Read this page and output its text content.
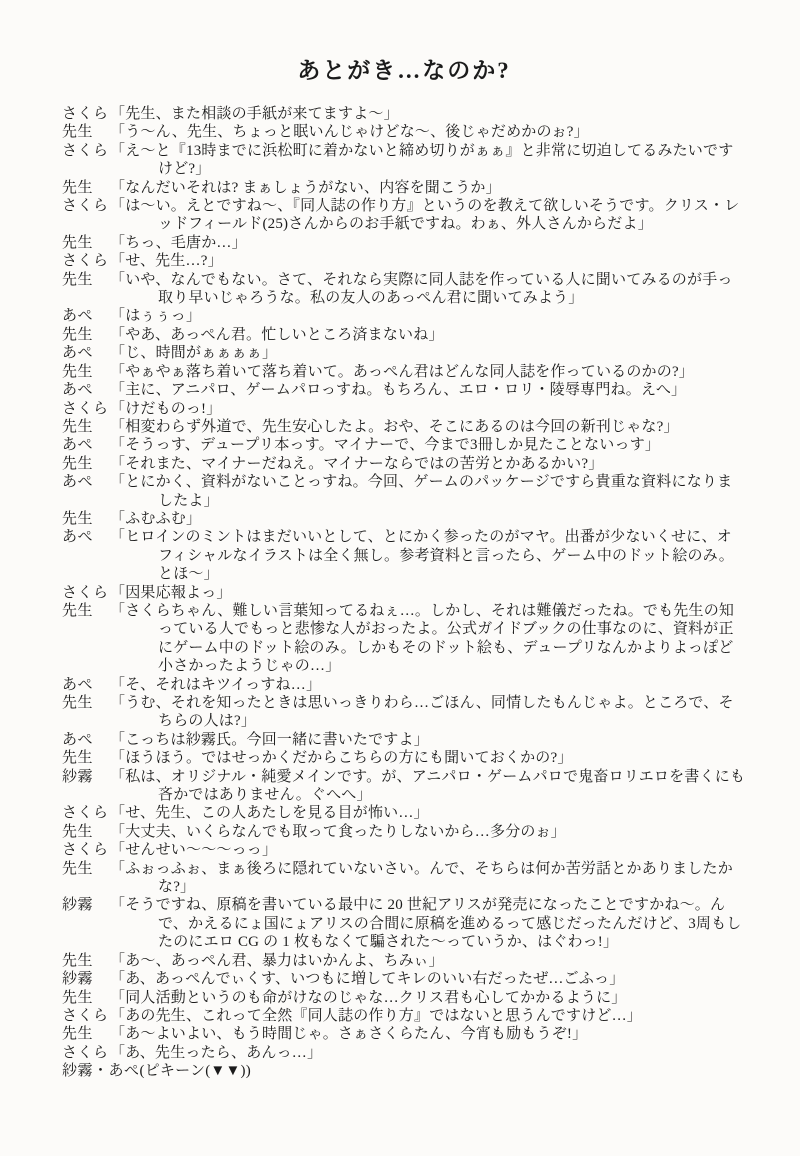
あとがき…なのか?
さくら 「先生、また相談の手紙が来てますよ〜」
先生	「う〜ん、先生、ちょっと眠いんじゃけどな〜、後じゃだめかのぉ?」
さくら 「え〜と『13時までに浜松町に着かないと締め切りがぁぁ』と非常に切迫してるみたいですけど?」
先生	「なんだいそれは? まぁしょうがない、内容を聞こうか」
さくら 「は〜い。えとですね〜、『同人誌の作り方』というのを教えて欲しいそうです。クリス・レッドフィールド(25)さんからのお手紙ですね。わぁ、外人さんからだよ」
先生	「ちっ、毛唐か…」
さくら 「せ、先生…?」
先生	「いや、なんでもない。さて、それなら実際に同人誌を作っている人に聞いてみるのが手っ取り早いじゃろうな。私の友人のあっぺん君に聞いてみよう」
あぺ	「はぅぅっ」
先生	「やあ、あっぺん君。忙しいところ済まないね」
あぺ	「じ、時間がぁぁぁぁ」
先生	「やぁやぁ落ち着いて落ち着いて。あっぺん君はどんな同人誌を作っているのかの?」
あぺ	「主に、アニパロ、ゲームパロっすね。もちろん、エロ・ロリ・陵辱専門ね。えへ」
さくら 「けだものっ!」
先生	「相変わらず外道で、先生安心したよ。おや、そこにあるのは今回の新刊じゃな?」
あぺ	「そうっす、デュープリ本っす。マイナーで、今まで3冊しか見たことないっす」
先生	「それまた、マイナーだねえ。マイナーならではの苦労とかあるかい?」
あぺ	「とにかく、資料がないことっすね。今回、ゲームのパッケージですら貴重な資料になりましたよ」
先生	「ふむふむ」
あぺ	「ヒロインのミントはまだいいとして、とにかく参ったのがマヤ。出番が少ないくせに、オフィシャルなイラストは全く無し。参考資料と言ったら、ゲーム中のドット絵のみ。とほ〜」
さくら 「因果応報よっ」
先生	「さくらちゃん、難しい言葉知ってるねぇ…。しかし、それは難儀だったね。でも先生の知っている人でもっと悲惨な人がおったよ。公式ガイドブックの仕事なのに、資料が正にゲーム中のドット絵のみ。しかもそのドット絵も、デュープリなんかよりよっぽど小さかったようじゃの…」
あぺ	「そ、それはキツイっすね…」
先生	「うむ、それを知ったときは思いっきりわら…ごほん、同情したもんじゃよ。ところで、そちらの人は?」
あぺ	「こっちは紗霧氏。今回一緒に書いたですよ」
先生	「ほうほう。ではせっかくだからこちらの方にも聞いておくかの?」
紗霧	「私は、オリジナル・純愛メインです。が、アニパロ・ゲームパロで鬼畜ロリエロを書くにも吝かではありません。ぐへへ」
さくら 「せ、先生、この人あたしを見る目が怖い…」
先生	「大丈夫、いくらなんでも取って食ったりしないから…多分のぉ」
さくら 「せんせい〜〜〜っっ」
先生	「ふぉっふぉ、まぁ後ろに隠れていないさい。んで、そちらは何か苦労話とかありましたかな?」
紗霧	「そうですね、原稿を書いている最中に 20 世紀アリスが発売になったことですかね〜。んで、かえるにょ国にょアリスの合間に原稿を進めるって感じだったんだけど、3周もしたのにエロ CG の 1 枚もなくて騙された〜っていうか、はぐわっ!」
先生	「あ〜、あっぺん君、暴力はいかんよ、ちみぃ」
紗霧	「あ、あっぺんでぃくす、いつもに増してキレのいい右だったぜ…ごふっ」
先生	「同人活動というのも命がけなのじゃな…クリス君も心してかかるように」
さくら 「あの先生、これって全然『同人誌の作り方』ではないと思うんですけど…」
先生	「あ〜よいよい、もう時間じゃ。さぁさくらたん、今宵も励もうぞ!」
さくら 「あ、先生ったら、あんっ…」
紗霧・あぺ (ピキーン(▼▼))
